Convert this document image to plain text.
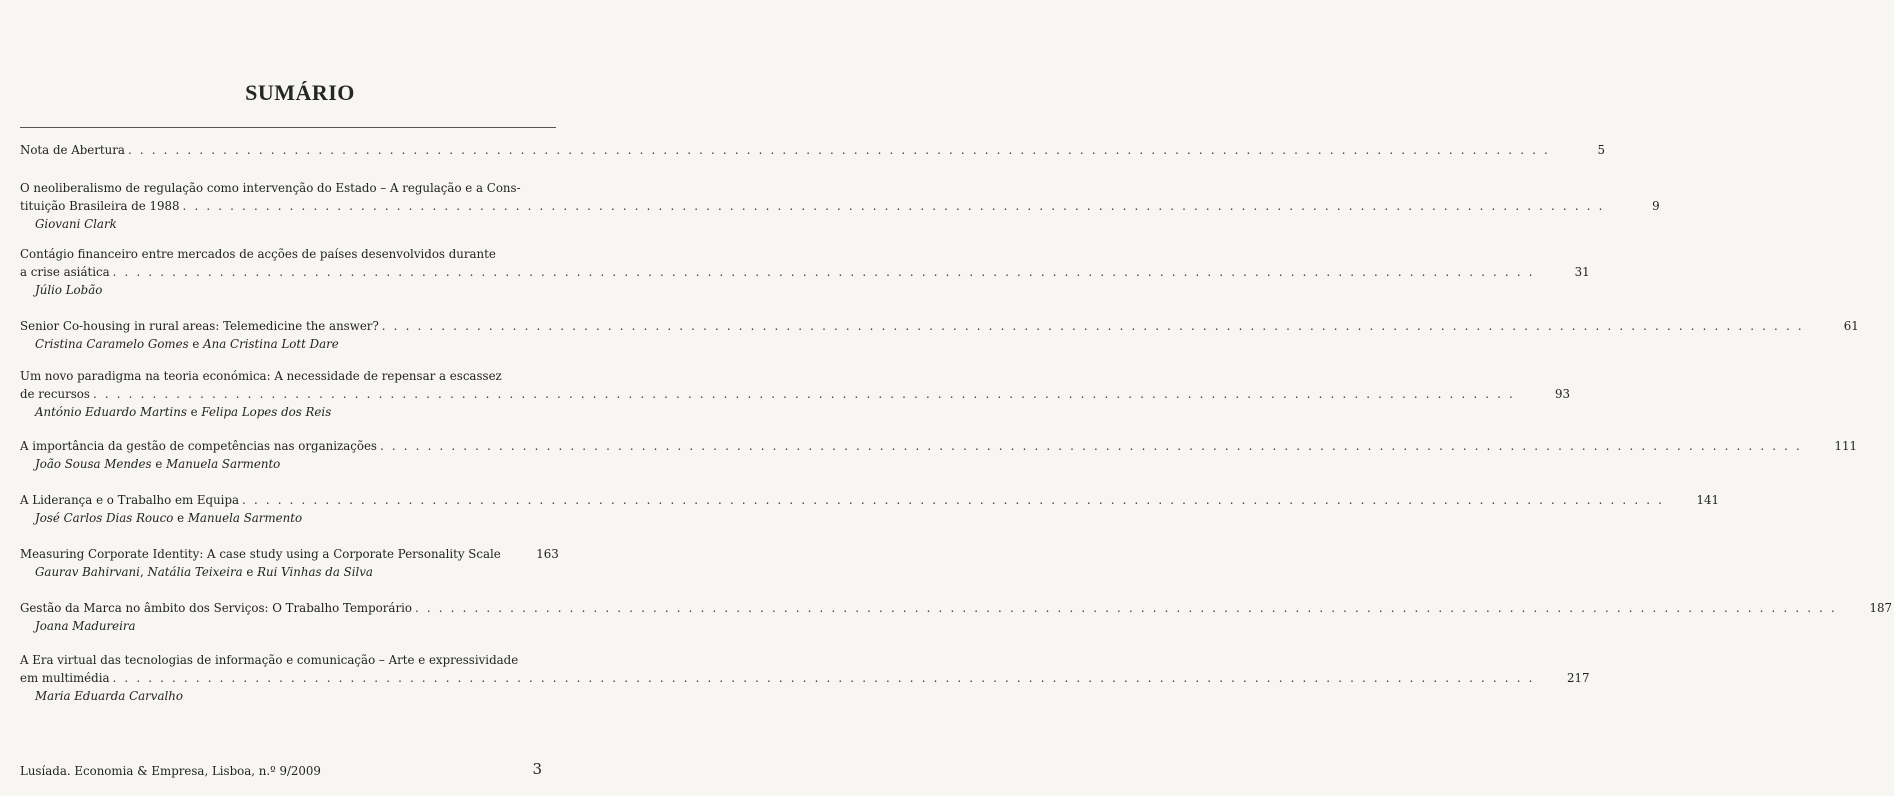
SUMÁRIO
Nota de Abertura . . . . . . . . . . . . . . . . . . . . . . . . . . . . . . . . . . . . . . . . . . . . . . . . . . . . . . . . . . . . . . . . . . . . . . . . . . . . . . . . . . . . . . . . . . . . . . . . . . . . . . . . . . . . . . . . . . . . . . . .	5
O neoliberalismo de regulação como intervenção do Estado – A regulação e a Cons-
tituição Brasileira de 1988 . . . . . . . . . . . . . . . . . . . . . . . . . . . . . . . . . . . . . . . . . . . . . . . . . . . . . . . . . . . . . . . . . . . . . . . . . . . . . . . . . . . . . . . . . . . . . . . . . . . . . . . . . . . . . . . . . . . . . . . .	9
Giovani Clark
Contágio financeiro entre mercados de acções de países desenvolvidos durante
a crise asiática . . . . . . . . . . . . . . . . . . . . . . . . . . . . . . . . . . . . . . . . . . . . . . . . . . . . . . . . . . . . . . . . . . . . . . . . . . . . . . . . . . . . . . . . . . . . . . . . . . . . . . . . . . . . . . . . . . . . . . . .	31
Júlio Lobão
Senior Co-housing in rural areas: Telemedicine the answer? . . . . . . . . . . . . . . . . . . . . . . . . . . . . . . . . . . . . . . . . . . . . . . . . . . . . . . . . . . . . . . . . . . . . . . . . . . . . . . . . . . . . . . . . . . . . . . . . . . . . . . . . . . . . . . . . . . . . . . . .	61
Cristina Caramelo Gomes e Ana Cristina Lott Dare
Um novo paradigma na teoria económica: A necessidade de repensar a escassez
de recursos . . . . . . . . . . . . . . . . . . . . . . . . . . . . . . . . . . . . . . . . . . . . . . . . . . . . . . . . . . . . . . . . . . . . . . . . . . . . . . . . . . . . . . . . . . . . . . . . . . . . . . . . . . . . . . . . . . . . . . . .	93
António Eduardo Martins e Felipa Lopes dos Reis
A importância da gestão de competências nas organizações . . . . . . . . . . . . . . . . . . . . . . . . . . . . . . . . . . . . . . . . . . . . . . . . . . . . . . . . . . . . . . . . . . . . . . . . . . . . . . . . . . . . . . . . . . . . . . . . . . . . . . . . . . . . . . . . . . . . . . . .	111
João Sousa Mendes e Manuela Sarmento
A Liderança e o Trabalho em Equipa . . . . . . . . . . . . . . . . . . . . . . . . . . . . . . . . . . . . . . . . . . . . . . . . . . . . . . . . . . . . . . . . . . . . . . . . . . . . . . . . . . . . . . . . . . . . . . . . . . . . . . . . . . . . . . . . . . . . . . . .	141
José Carlos Dias Rouco e Manuela Sarmento
Measuring Corporate Identity: A case study using a Corporate Personality Scale	163
Gaurav Bahirvani, Natália Teixeira e Rui Vinhas da Silva
Gestão da Marca no âmbito dos Serviços: O Trabalho Temporário . . . . . . . . . . . . . . . . . . . . . . . . . . . . . . . . . . . . . . . . . . . . . . . . . . . . . . . . . . . . . . . . . . . . . . . . . . . . . . . . . . . . . . . . . . . . . . . . . . . . . . . . . . . . . . . . . . . . . . . .	187
Joana Madureira
A Era virtual das tecnologias de informação e comunicação – Arte e expressividade
em multimédia . . . . . . . . . . . . . . . . . . . . . . . . . . . . . . . . . . . . . . . . . . . . . . . . . . . . . . . . . . . . . . . . . . . . . . . . . . . . . . . . . . . . . . . . . . . . . . . . . . . . . . . . . . . . . . . . . . . . . . . .	217
Maria Eduarda Carvalho
Lusíada. Economia & Empresa, Lisboa, n.º 9/2009	3
